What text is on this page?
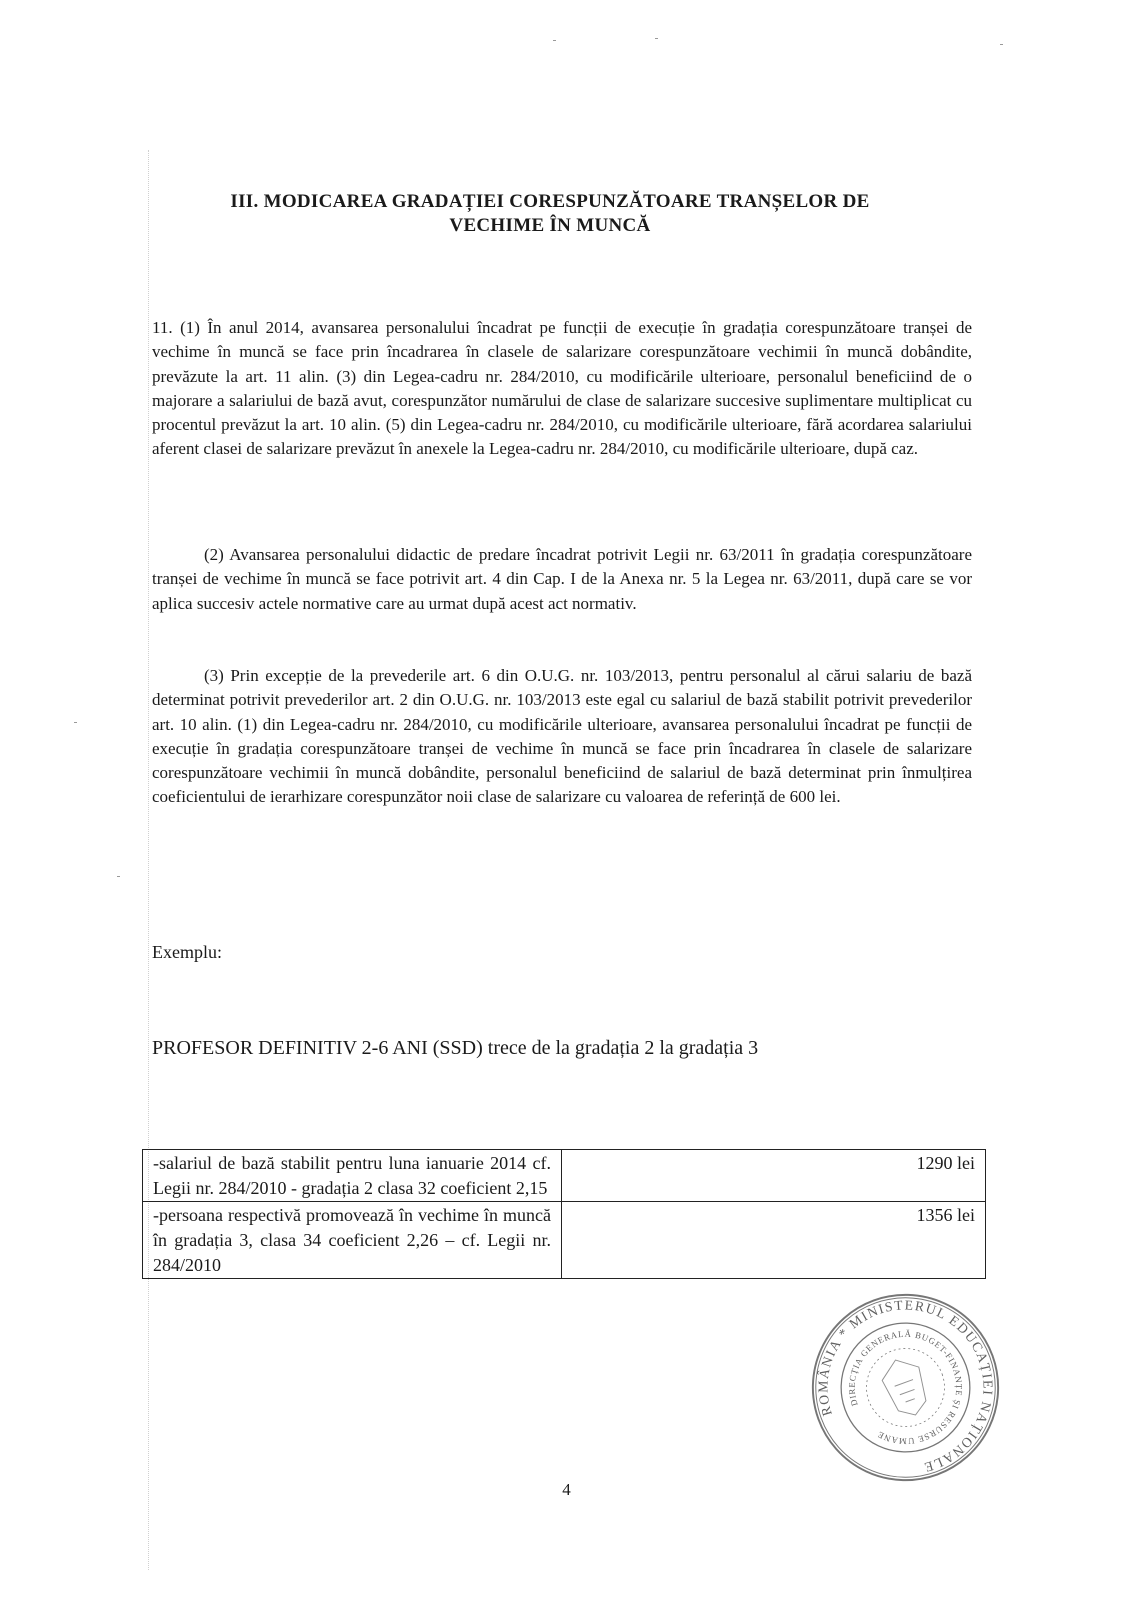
III. MODICAREA GRADAȚIEI CORESPUNZĂTOARE TRANȘELOR DE
VECHIME ÎN MUNCĂ
11. (1) În anul 2014, avansarea personalului încadrat pe funcții de execuție în gradația corespunzătoare tranșei de vechime în muncă se face prin încadrarea în clasele de salarizare corespunzătoare vechimii în muncă dobândite, prevăzute la art. 11 alin. (3) din Legea-cadru nr. 284/2010, cu modificările ulterioare, personalul beneficiind de o majorare a salariului de bază avut, corespunzător numărului de clase de salarizare succesive suplimentare multiplicat cu procentul prevăzut la art. 10 alin. (5) din Legea-cadru nr. 284/2010, cu modificările ulterioare, fără acordarea salariului aferent clasei de salarizare prevăzut în anexele la Legea-cadru nr. 284/2010, cu modificările ulterioare, după caz.
(2) Avansarea personalului didactic de predare încadrat potrivit Legii nr. 63/2011 în gradația corespunzătoare tranșei de vechime în muncă se face potrivit art. 4 din Cap. I de la Anexa nr. 5 la Legea nr. 63/2011, după care se vor aplica succesiv actele normative care au urmat după acest act normativ.
(3) Prin excepție de la prevederile art. 6 din O.U.G. nr. 103/2013, pentru personalul al cărui salariu de bază determinat potrivit prevederilor art. 2 din O.U.G. nr. 103/2013 este egal cu salariul de bază stabilit potrivit prevederilor art. 10 alin. (1) din Legea-cadru nr. 284/2010, cu modificările ulterioare, avansarea personalului încadrat pe funcții de execuție în gradația corespunzătoare tranșei de vechime în muncă se face prin încadrarea în clasele de salarizare corespunzătoare vechimii în muncă dobândite, personalul beneficiind de salariul de bază determinat prin înmulțirea coeficientului de ierarhizare corespunzător noii clase de salarizare cu valoarea de referință de 600 lei.
Exemplu:
PROFESOR DEFINITIV 2-6 ANI (SSD) trece de la gradația 2 la gradația 3
-salariul de bază stabilit pentru luna ianuarie 2014 cf. Legii nr. 284/2010 - gradația 2 clasa 32 coeficient 2,15	1290 lei
-persoana respectivă promovează în vechime în muncă în gradația 3, clasa 34 coeficient 2,26 – cf. Legii nr. 284/2010	1356 lei
ROMÂNIA * MINISTERUL EDUCAȚIEI NAȚIONALE
DIRECȚIA GENERALĂ BUGET-FINANȚE ȘI RESURSE UMANE
4
